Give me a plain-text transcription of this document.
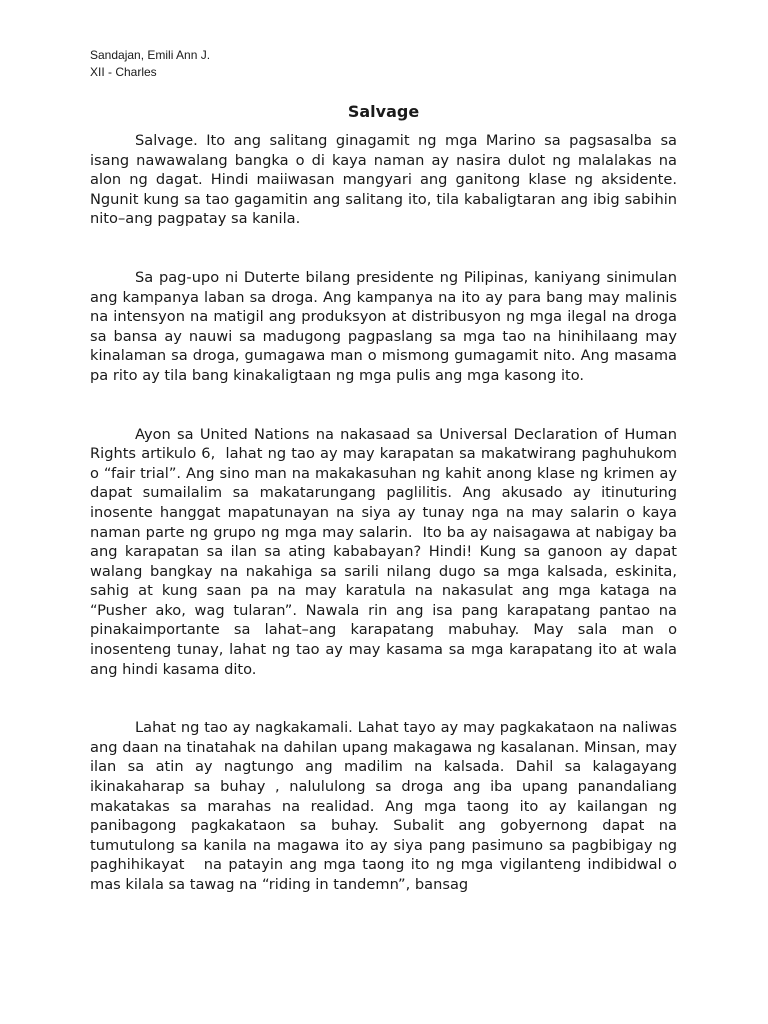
Sandajan, Emili Ann J.

XII - Charles

Salvage

Salvage. Ito ang salitang ginagamit ng mga Marino sa pagsasalba sa isang nawawalang bangka o di kaya naman ay nasira dulot ng malalakas na alon ng dagat. Hindi maiiwasan mangyari ang ganitong klase ng aksidente. Ngunit kung sa tao gagamitin ang salitang ito, tila kabaligtaran ang ibig sabihin nito–ang pagpatay sa kanila.

Sa pag-upo ni Duterte bilang presidente ng Pilipinas, kaniyang sinimulan ang kampanya laban sa droga. Ang kampanya na ito ay para bang may malinis na intensyon na matigil ang produksyon at distribusyon ng mga ilegal na droga sa bansa ay nauwi sa madugong pagpaslang sa mga tao na hinihilaang may kinalaman sa droga, gumagawa man o mismong gumagamit nito. Ang masama pa rito ay tila bang kinakaligtaan ng mga pulis ang mga kasong ito.

Ayon sa United Nations na nakasaad sa Universal Declaration of Human Rights artikulo 6,  lahat ng tao ay may karapatan sa makatwirang paghuhukom o “fair trial”. Ang sino man na makakasuhan ng kahit anong klase ng krimen ay dapat sumailalim sa makatarungang paglilitis. Ang akusado ay itinuturing inosente hanggat mapatunayan na siya ay tunay nga na may salarin o kaya naman parte ng grupo ng mga may salarin.  Ito ba ay naisagawa at nabigay ba ang karapatan sa ilan sa ating kababayan? Hindi! Kung sa ganoon ay dapat walang bangkay na nakahiga sa sarili nilang dugo sa mga kalsada, eskinita, sahig at kung saan pa na may karatula na nakasulat ang mga kataga na “Pusher ako, wag tularan”. Nawala rin ang isa pang karapatang pantao na pinakaimportante sa lahat–ang karapatang mabuhay. May sala man o inosenteng tunay, lahat ng tao ay may kasama sa mga karapatang ito at wala ang hindi kasama dito.

Lahat ng tao ay nagkakamali. Lahat tayo ay may pagkakataon na naliwas ang daan na tinatahak na dahilan upang makagawa ng kasalanan. Minsan, may ilan sa atin ay nagtungo ang madilim na kalsada. Dahil sa kalagayang ikinakaharap sa buhay , nalululong sa droga ang iba upang panandaliang makatakas sa marahas na realidad. Ang mga taong ito ay kailangan ng panibagong pagkakataon sa buhay. Subalit ang gobyernong dapat na tumutulong sa kanila na magawa ito ay siya pang pasimuno sa pagbibigay ng paghihikayat   na patayin ang mga taong ito ng mga vigilanteng indibidwal o mas kilala sa tawag na “riding in tandemn”, bansag
